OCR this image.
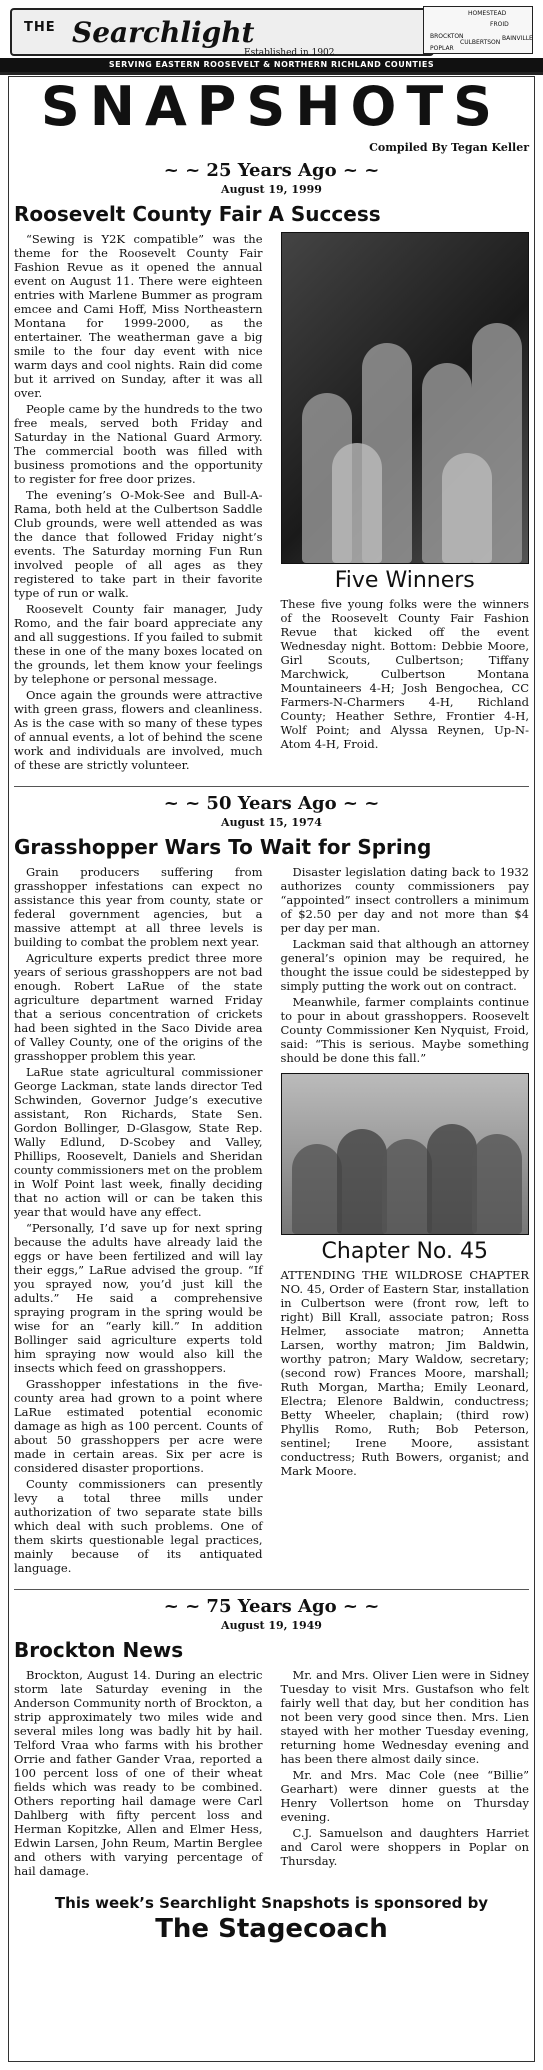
THE Searchlight
Established in 1902
HOMESTEAD
BROCKTON
FROID
CULBERTSON
BAINVILLE
POPLAR
SERVING EASTERN ROOSEVELT & NORTHERN RICHLAND COUNTIES
SNAPSHOTS
Compiled By Tegan Keller
~ ~ 25 Years Ago ~ ~
August 19, 1999
Roosevelt County Fair A Success

“Sewing is Y2K compatible” was the theme for the Roosevelt County Fair Fashion Revue as it opened the annual event on August 11. There were eighteen entries with Marlene Bummer as program emcee and Cami Hoff, Miss Northeastern Montana for 1999-2000, as the entertainer. The weatherman gave a big smile to the four day event with nice warm days and cool nights. Rain did come but it arrived on Sunday, after it was all over.

People came by the hundreds to the two free meals, served both Friday and Saturday in the National Guard Armory. The commercial booth was filled with business promotions and the opportunity to register for free door prizes.

The evening’s O-Mok-See and Bull-A-Rama, both held at the Culbertson Saddle Club grounds, were well attended as was the dance that followed Friday night’s events. The Saturday morning Fun Run involved people of all ages as they registered to take part in their favorite type of run or walk.

Roosevelt County fair manager, Judy Romo, and the fair board appreciate any and all suggestions. If you failed to submit these in one of the many boxes located on the grounds, let them know your feelings by telephone or personal message.

Once again the grounds were attractive with green grass, flowers and cleanliness. As is the case with so many of these types of annual events, a lot of behind the scene work and individuals are involved, much of these are strictly volunteer.

Five Winners

These five young folks were the winners of the Roosevelt County Fair Fashion Revue that kicked off the event Wednesday night. Bottom: Debbie Moore, Girl Scouts, Culbertson; Tiffany Marchwick, Culbertson Montana Mountaineers 4-H; Josh Bengochea, CC Farmers-N-Charmers 4-H, Richland County; Heather Sethre, Frontier 4-H, Wolf Point; and Alyssa Reynen, Up-N-Atom 4-H, Froid.

~ ~ 50 Years Ago ~ ~
August 15, 1974
Grasshopper Wars To Wait for Spring

Grain producers suffering from grasshopper infestations can expect no assistance this year from county, state or federal government agencies, but a massive attempt at all three levels is building to combat the problem next year.

Agriculture experts predict three more years of serious grasshoppers are not bad enough. Robert LaRue of the state agriculture department warned Friday that a serious concentration of crickets had been sighted in the Saco Divide area of Valley County, one of the origins of the grasshopper problem this year.

LaRue state agricultural commissioner George Lackman, state lands director Ted Schwinden, Governor Judge’s executive assistant, Ron Richards, State Sen. Gordon Bollinger, D-Glasgow, State Rep. Wally Edlund, D-Scobey and Valley, Phillips, Roosevelt, Daniels and Sheridan county commissioners met on the problem in Wolf Point last week, finally deciding that no action will or can be taken this year that would have any effect.

“Personally, I’d save up for next spring because the adults have already laid the eggs or have been fertilized and will lay their eggs,” LaRue advised the group. “If you sprayed now, you’d just kill the adults.” He said a comprehensive spraying program in the spring would be wise for an “early kill.” In addition Bollinger said agriculture experts told him spraying now would also kill the insects which feed on grasshoppers.

Grasshopper infestations in the five-county area had grown to a point where LaRue estimated potential economic damage as high as 100 percent. Counts of about 50 grasshoppers per acre were made in certain areas. Six per acre is considered disaster proportions.

County commissioners can presently levy a total three mills under authorization of two separate state bills which deal with such problems. One of them skirts questionable legal practices, mainly because of its antiquated language.

Disaster legislation dating back to 1932 authorizes county commissioners pay “appointed” insect controllers a minimum of $2.50 per day and not more than $4 per day per man.

Lackman said that although an attorney general’s opinion may be required, he thought the issue could be sidestepped by simply putting the work out on contract.

Meanwhile, farmer complaints continue to pour in about grasshoppers. Roosevelt County Commissioner Ken Nyquist, Froid, said: “This is serious. Maybe something should be done this fall.”

Chapter No. 45

ATTENDING THE WILDROSE CHAPTER NO. 45, Order of Eastern Star, installation in Culbertson were (front row, left to right) Bill Krall, associate patron; Ross Helmer, associate matron; Annetta Larsen, worthy matron; Jim Baldwin, worthy patron; Mary Waldow, secretary; (second row) Frances Moore, marshall; Ruth Morgan, Martha; Emily Leonard, Electra; Elenore Baldwin, conductress; Betty Wheeler, chaplain; (third row) Phyllis Romo, Ruth; Bob Peterson, sentinel; Irene Moore, assistant conductress; Ruth Bowers, organist; and Mark Moore.

~ ~ 75 Years Ago ~ ~
August 19, 1949
Brockton News

Brockton, August 14. During an electric storm late Saturday evening in the Anderson Community north of Brockton, a strip approximately two miles wide and several miles long was badly hit by hail. Telford Vraa who farms with his brother Orrie and father Gander Vraa, reported a 100 percent loss of one of their wheat fields which was ready to be combined. Others reporting hail damage were Carl Dahlberg with fifty percent loss and Herman Kopitzke, Allen and Elmer Hess, Edwin Larsen, John Reum, Martin Berglee and others with varying percentage of hail damage.

Mr. and Mrs. Oliver Lien were in Sidney Tuesday to visit Mrs. Gustafson who felt fairly well that day, but her condition has not been very good since then. Mrs. Lien stayed with her mother Tuesday evening, returning home Wednesday evening and has been there almost daily since.

Mr. and Mrs. Mac Cole (nee “Billie” Gearhart) were dinner guests at the Henry Vollertson home on Thursday evening.

C.J. Samuelson and daughters Harriet and Carol were shoppers in Poplar on Thursday.

This week’s Searchlight Snapshots is sponsored by
The Stagecoach
